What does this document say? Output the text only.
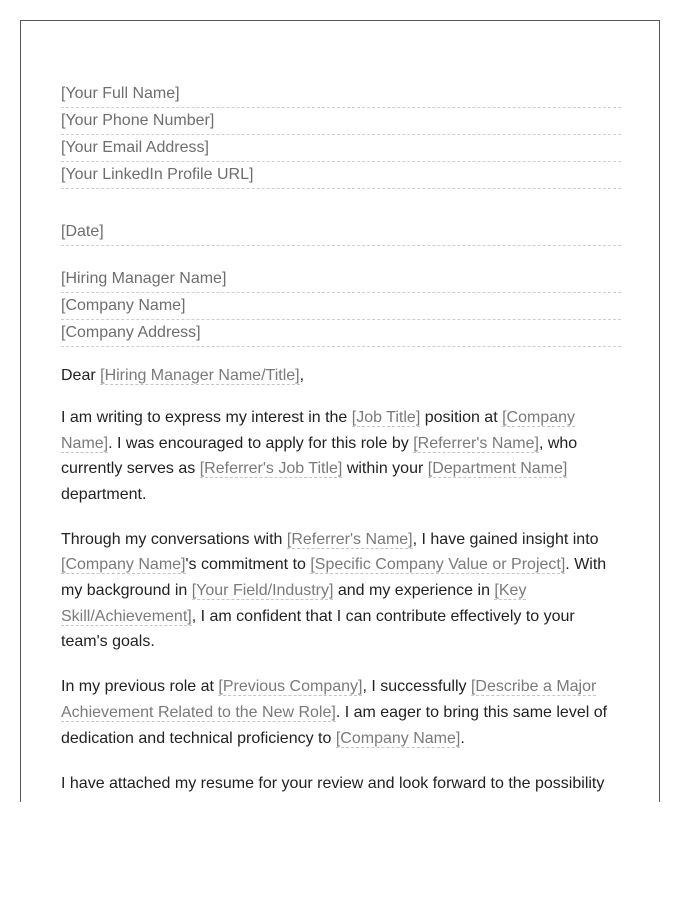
[Your Full Name]
[Your Phone Number]
[Your Email Address]
[Your LinkedIn Profile URL]
[Date]
[Hiring Manager Name]
[Company Name]
[Company Address]
Dear [Hiring Manager Name/Title],

I am writing to express my interest in the [Job Title] position at [Company Name]. I was encouraged to apply for this role by [Referrer's Name], who currently serves as [Referrer's Job Title] within your [Department Name] department.

Through my conversations with [Referrer's Name], I have gained insight into [Company Name]'s commitment to [Specific Company Value or Project]. With my background in [Your Field/Industry] and my experience in [Key Skill/Achievement], I am confident that I can contribute effectively to your team's goals.

In my previous role at [Previous Company], I successfully [Describe a Major Achievement Related to the New Role]. I am eager to bring this same level of dedication and technical proficiency to [Company Name].

I have attached my resume for your review and look forward to the possibility
